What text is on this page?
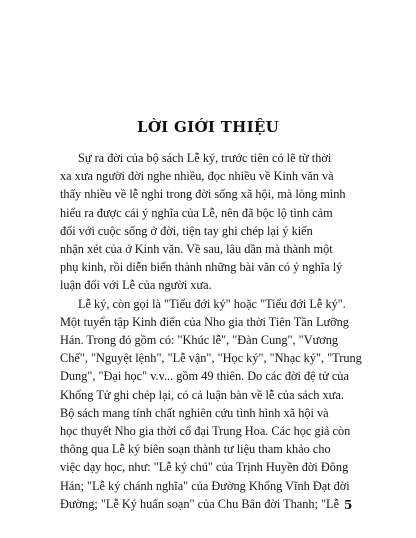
LỜI GIỚI THIỆU
Sự ra đời của bộ sách Lễ ký, trước tiên có lẽ từ thời
xa xưa người đời nghe nhiều, đọc nhiều về Kinh văn và
thấy nhiều về lễ nghi trong đời sống xã hội, mà lòng mình
hiểu ra được cái ý nghĩa của Lễ, nên đã bộc lộ tình cảm
đối với cuộc sống ở đời, tiện tay ghi chép lại ý kiến
nhận xét của ở Kinh văn. Về sau, lâu dần mà thành một
phụ kinh, rồi diễn biến thành những bài văn có ý nghĩa lý
luận đối với Lễ của người xưa.
Lễ ký, còn gọi là "Tiểu đới ký" hoặc "Tiểu đới Lễ ký".
Một tuyển tập Kinh điển của Nho gia thời Tiên Tần Lưỡng
Hán. Trong đó gồm có: "Khúc lễ", "Đàn Cung", "Vương
Chế", "Nguyệt lệnh", "Lễ vận", "Học ký", "Nhạc ký", "Trung
Dung", "Đại học" v.v... gồm 49 thiên. Do các đời đệ tử của
Khổng Tử ghi chép lại, có cả luận bàn về lễ của sách xưa.
Bộ sách mang tính chất nghiên cứu tình hình xã hội và
học thuyết Nho gia thời cổ đại Trung Hoa. Các học giả còn
thông qua Lễ ký biên soạn thành tư liệu tham khảo cho
việc dạy học, như: "Lễ ký chú" của Trịnh Huyền đời Đông
Hán; "Lễ ký chánh nghĩa" của Đường Khổng Vĩnh Đạt đời
Đường; "Lễ Ký huấn soạn" của Chu Bân đời Thanh; "Lễ 5
